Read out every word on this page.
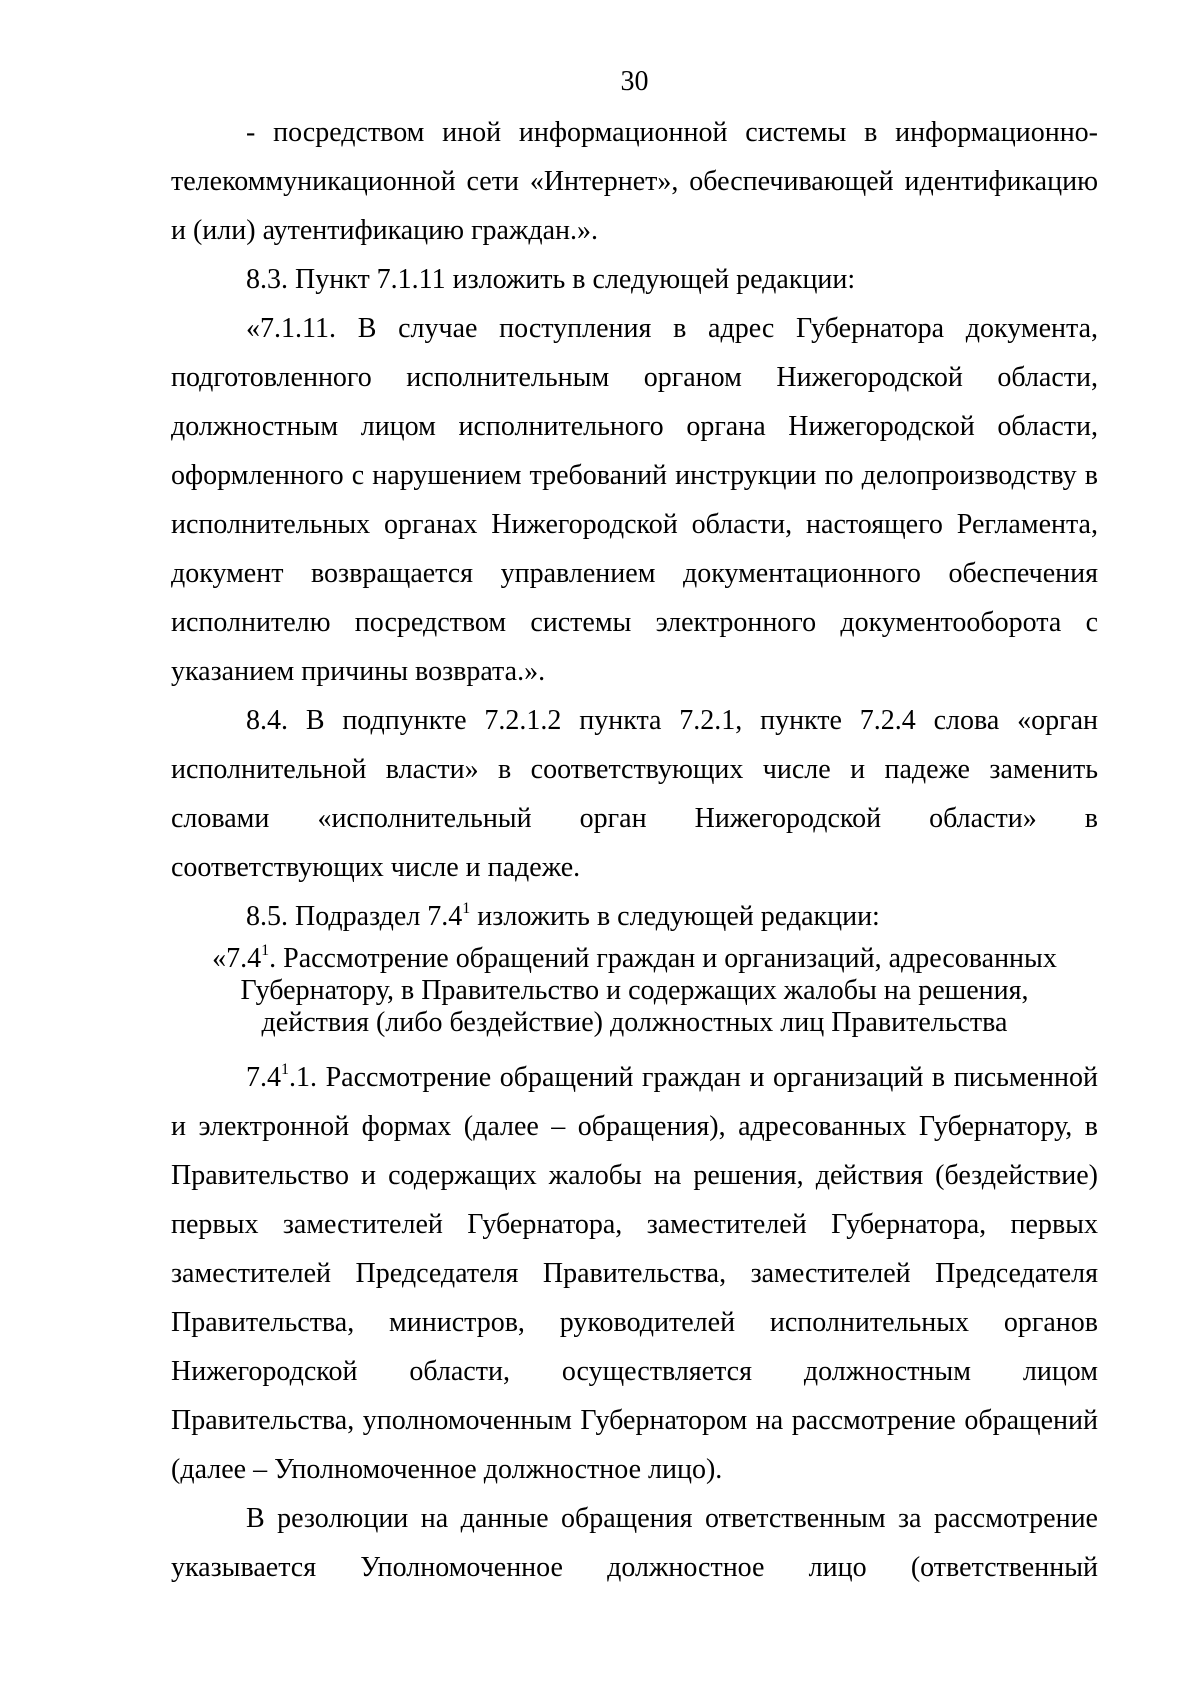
30

- посредством иной информационной системы в информационно-телекоммуникационной сети «Интернет», обеспечивающей идентификацию и (или) аутентификацию граждан.».

8.3. Пункт 7.1.11 изложить в следующей редакции:

«7.1.11. В случае поступления в адрес Губернатора документа, подготовленного исполнительным органом Нижегородской области, должностным лицом исполнительного органа Нижегородской области, оформленного с нарушением требований инструкции по делопроизводству в исполнительных органах Нижегородской области, настоящего Регламента, документ возвращается управлением документационного обеспечения исполнителю посредством системы электронного документооборота с указанием причины возврата.».

8.4. В подпункте 7.2.1.2 пункта 7.2.1, пункте 7.2.4 слова «орган исполнительной власти» в соответствующих числе и падеже заменить словами «исполнительный орган Нижегородской области» в соответствующих числе и падеже.

8.5. Подраздел $7.4^1$ изложить в следующей редакции:

«$7.4^1$. Рассмотрение обращений граждан и организаций, адресованных
Губернатору, в Правительство и содержащих жалобы на решения,
действия (либо бездействие) должностных лиц Правительства

$7.4^1.1$. Рассмотрение обращений граждан и организаций в письменной и электронной формах (далее – обращения), адресованных Губернатору, в Правительство и содержащих жалобы на решения, действия (бездействие) первых заместителей Губернатора, заместителей Губернатора, первых заместителей Председателя Правительства, заместителей Председателя Правительства, министров, руководителей исполнительных органов Нижегородской области, осуществляется должностным лицом Правительства, уполномоченным Губернатором на рассмотрение обращений (далее – Уполномоченное должностное лицо).

В резолюции на данные обращения ответственным за рассмотрение указывается Уполномоченное должностное лицо (ответственный
